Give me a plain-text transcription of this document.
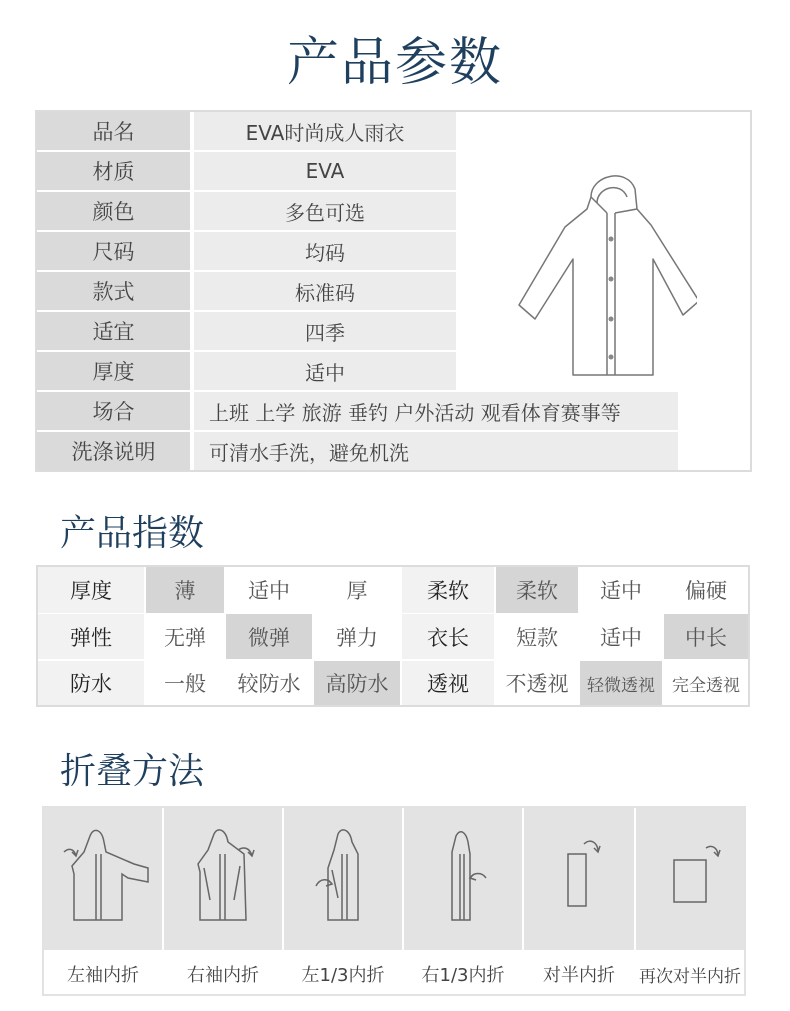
产品参数
品名	EVA时尚成人雨衣
材质	EVA
颜色	多色可选
尺码	均码
款式	标准码
适宜	四季
厚度	适中
场合	上班 上学 旅游 垂钓 户外活动 观看体育赛事等
洗涤说明	可清水手洗，避免机洗
产品指数
厚度	薄	适中	厚	柔软	柔软	适中	偏硬
弹性	无弹	微弹	弹力	衣长	短款	适中	中长
防水	一般	较防水	高防水	透视	不透视	轻微透视	完全透视
折叠方法
左袖内折	右袖内折	左1/3内折	右1/3内折	对半内折	再次对半内折
